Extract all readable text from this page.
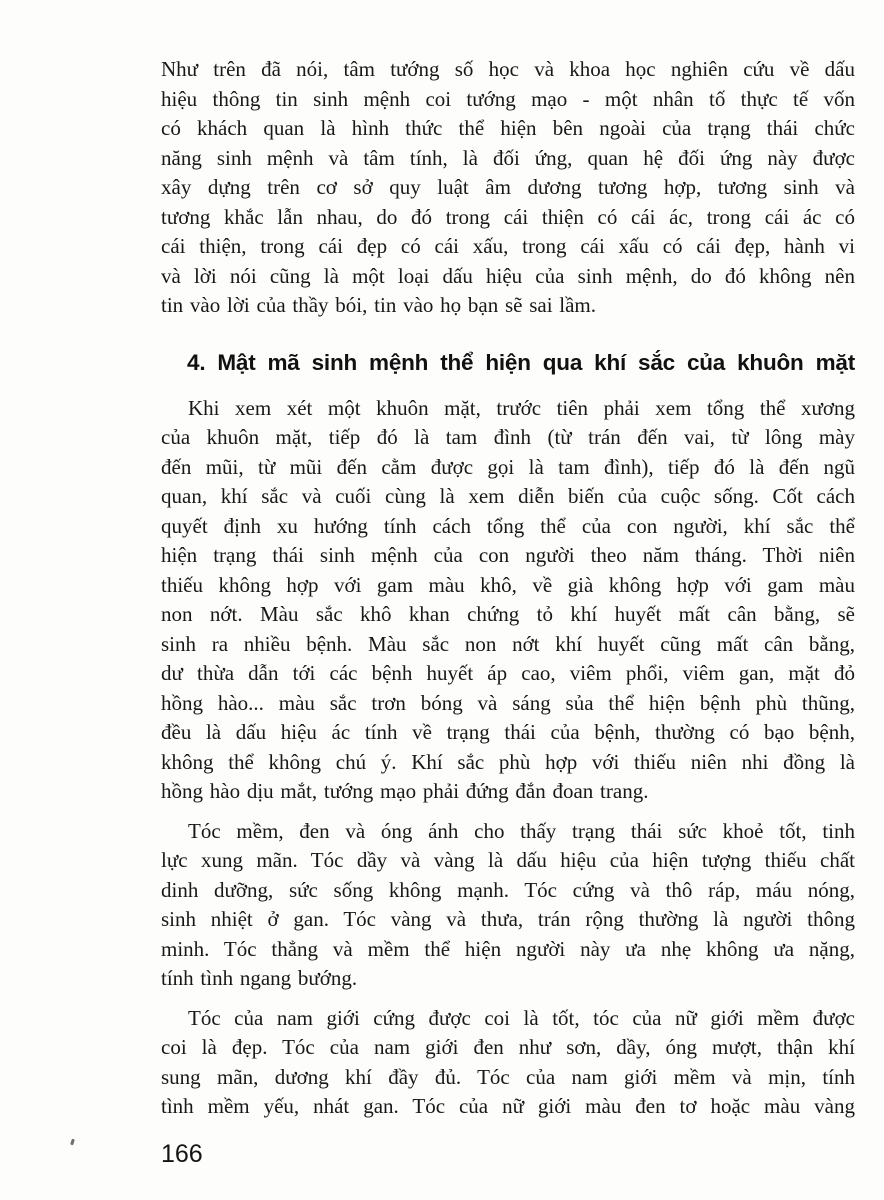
Như trên đã nói, tâm tướng số học và khoa học nghiên cứu về dấu
hiệu thông tin sinh mệnh coi tướng mạo - một nhân tố thực tế vốn
có khách quan là hình thức thể hiện bên ngoài của trạng thái chức
năng sinh mệnh và tâm tính, là đối ứng, quan hệ đối ứng này được
xây dựng trên cơ sở quy luật âm dương tương hợp, tương sinh và
tương khắc lẫn nhau, do đó trong cái thiện có cái ác, trong cái ác có
cái thiện, trong cái đẹp có cái xấu, trong cái xấu có cái đẹp, hành vi
và lời nói cũng là một loại dấu hiệu của sinh mệnh, do đó không nên
tin vào lời của thầy bói, tin vào họ bạn sẽ sai lầm.
4. Mật mã sinh mệnh thể hiện qua khí sắc của khuôn mặt
Khi xem xét một khuôn mặt, trước tiên phải xem tổng thể xương
của khuôn mặt, tiếp đó là tam đình (từ trán đến vai, từ lông mày
đến mũi, từ mũi đến cằm được gọi là tam đình), tiếp đó là đến ngũ
quan, khí sắc và cuối cùng là xem diễn biến của cuộc sống. Cốt cách
quyết định xu hướng tính cách tổng thể của con người, khí sắc thể
hiện trạng thái sinh mệnh của con người theo năm tháng. Thời niên
thiếu không hợp với gam màu khô, về già không hợp với gam màu
non nớt. Màu sắc khô khan chứng tỏ khí huyết mất cân bằng, sẽ
sinh ra nhiều bệnh. Màu sắc non nớt khí huyết cũng mất cân bằng,
dư thừa dẫn tới các bệnh huyết áp cao, viêm phổi, viêm gan, mặt đỏ
hồng hào... màu sắc trơn bóng và sáng sủa thể hiện bệnh phù thũng,
đều là dấu hiệu ác tính về trạng thái của bệnh, thường có bạo bệnh,
không thể không chú ý. Khí sắc phù hợp với thiếu niên nhi đồng là
hồng hào dịu mắt, tướng mạo phải đứng đắn đoan trang.
Tóc mềm, đen và óng ánh cho thấy trạng thái sức khoẻ tốt, tinh
lực xung mãn. Tóc dầy và vàng là dấu hiệu của hiện tượng thiếu chất
dinh dưỡng, sức sống không mạnh. Tóc cứng và thô ráp, máu nóng,
sinh nhiệt ở gan. Tóc vàng và thưa, trán rộng thường là người thông
minh. Tóc thẳng và mềm thể hiện người này ưa nhẹ không ưa nặng,
tính tình ngang bướng.
Tóc của nam giới cứng được coi là tốt, tóc của nữ giới mềm được
coi là đẹp. Tóc của nam giới đen như sơn, dầy, óng mượt, thận khí
sung mãn, dương khí đầy đủ. Tóc của nam giới mềm và mịn, tính
tình mềm yếu, nhát gan. Tóc của nữ giới màu đen tơ hoặc màu vàng
166
